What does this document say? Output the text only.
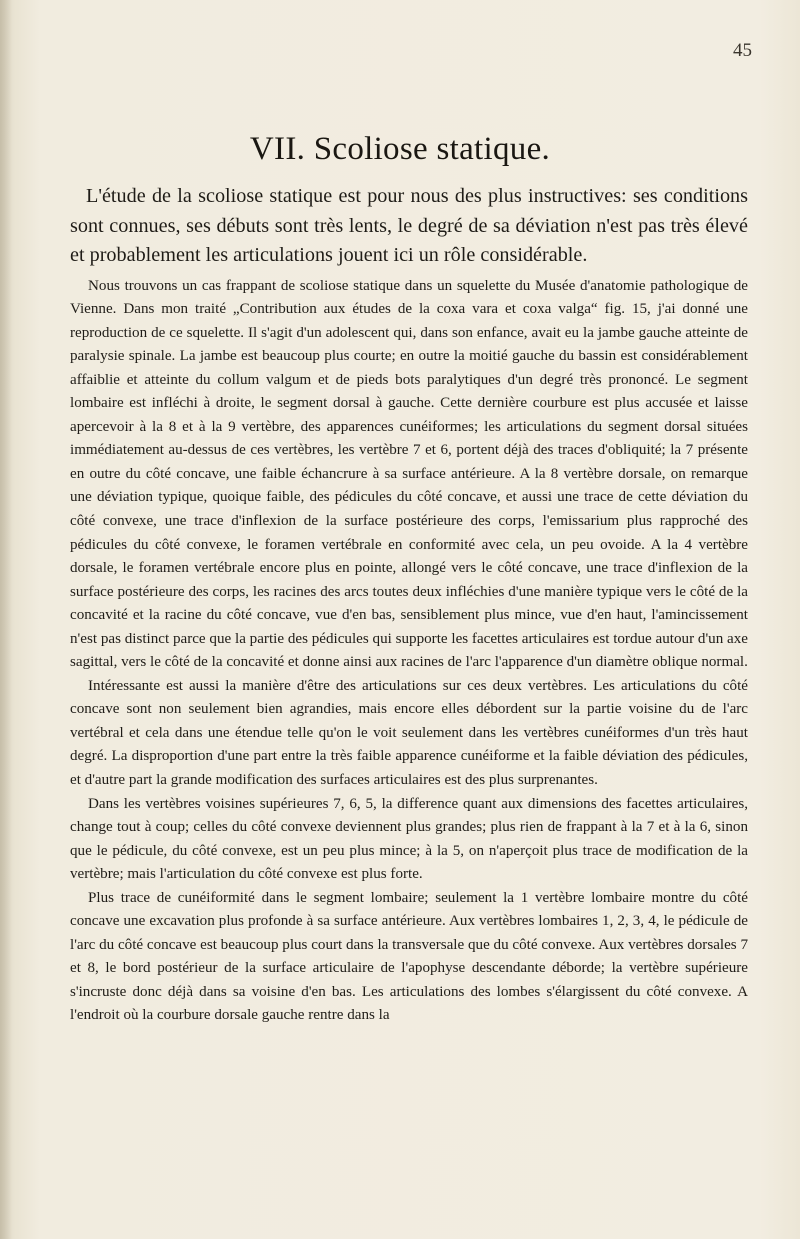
45
VII. Scoliose statique.

L'étude de la scoliose statique est pour nous des plus instructives: ses conditions sont connues, ses débuts sont très lents, le degré de sa déviation n'est pas très élevé et probablement les articulations jouent ici un rôle considérable.

Nous trouvons un cas frappant de scoliose statique dans un squelette du Musée d'anatomie pathologique de Vienne. Dans mon traité „Contribution aux études de la coxa vara et coxa valga“ fig. 15, j'ai donné une reproduction de ce squelette. Il s'agit d'un adolescent qui, dans son enfance, avait eu la jambe gauche atteinte de paralysie spinale. La jambe est beaucoup plus courte; en outre la moitié gauche du bassin est considérablement affaiblie et atteinte du collum valgum et de pieds bots paralytiques d'un degré très prononcé. Le segment lombaire est infléchi à droite, le segment dorsal à gauche. Cette dernière courbure est plus accusée et laisse apercevoir à la 8 et à la 9 vertèbre, des apparences cunéiformes; les articulations du segment dorsal situées immédiatement au-dessus de ces vertèbres, les vertèbre 7 et 6, portent déjà des traces d'obliquité; la 7 présente en outre du côté concave, une faible échancrure à sa surface antérieure. A la 8 vertèbre dorsale, on remarque une déviation typique, quoique faible, des pédicules du côté concave, et aussi une trace de cette déviation du côté convexe, une trace d'inflexion de la surface postérieure des corps, l'emissarium plus rapproché des pédicules du côté convexe, le foramen vertébrale en conformité avec cela, un peu ovoide. A la 4 vertèbre dorsale, le foramen vertébrale encore plus en pointe, allongé vers le côté concave, une trace d'inflexion de la surface postérieure des corps, les racines des arcs toutes deux infléchies d'une manière typique vers le côté de la concavité et la racine du côté concave, vue d'en bas, sensiblement plus mince, vue d'en haut, l'amincissement n'est pas distinct parce que la partie des pédicules qui supporte les facettes articulaires est tordue autour d'un axe sagittal, vers le côté de la concavité et donne ainsi aux racines de l'arc l'apparence d'un diamètre oblique normal.

Intéressante est aussi la manière d'être des articulations sur ces deux vertèbres. Les articulations du côté concave sont non seulement bien agrandies, mais encore elles débordent sur la partie voisine du de l'arc vertébral et cela dans une étendue telle qu'on le voit seulement dans les vertèbres cunéiformes d'un très haut degré. La disproportion d'une part entre la très faible apparence cunéiforme et la faible déviation des pédicules, et d'autre part la grande modification des surfaces articulaires est des plus surprenantes.

Dans les vertèbres voisines supérieures 7, 6, 5, la difference quant aux dimensions des facettes articulaires, change tout à coup; celles du côté convexe deviennent plus grandes; plus rien de frappant à la 7 et à la 6, sinon que le pédicule, du côté convexe, est un peu plus mince; à la 5, on n'aperçoit plus trace de modification de la vertèbre; mais l'articulation du côté convexe est plus forte.

Plus trace de cunéiformité dans le segment lombaire; seulement la 1 vertèbre lombaire montre du côté concave une excavation plus profonde à sa surface antérieure. Aux vertèbres lombaires 1, 2, 3, 4, le pédicule de l'arc du côté concave est beaucoup plus court dans la transversale que du côté convexe. Aux vertèbres dorsales 7 et 8, le bord postérieur de la surface articulaire de l'apophyse descendante déborde; la vertèbre supérieure s'incruste donc déjà dans sa voisine d'en bas. Les articulations des lombes s'élargissent du côté convexe. A l'endroit où la courbure dorsale gauche rentre dans la
